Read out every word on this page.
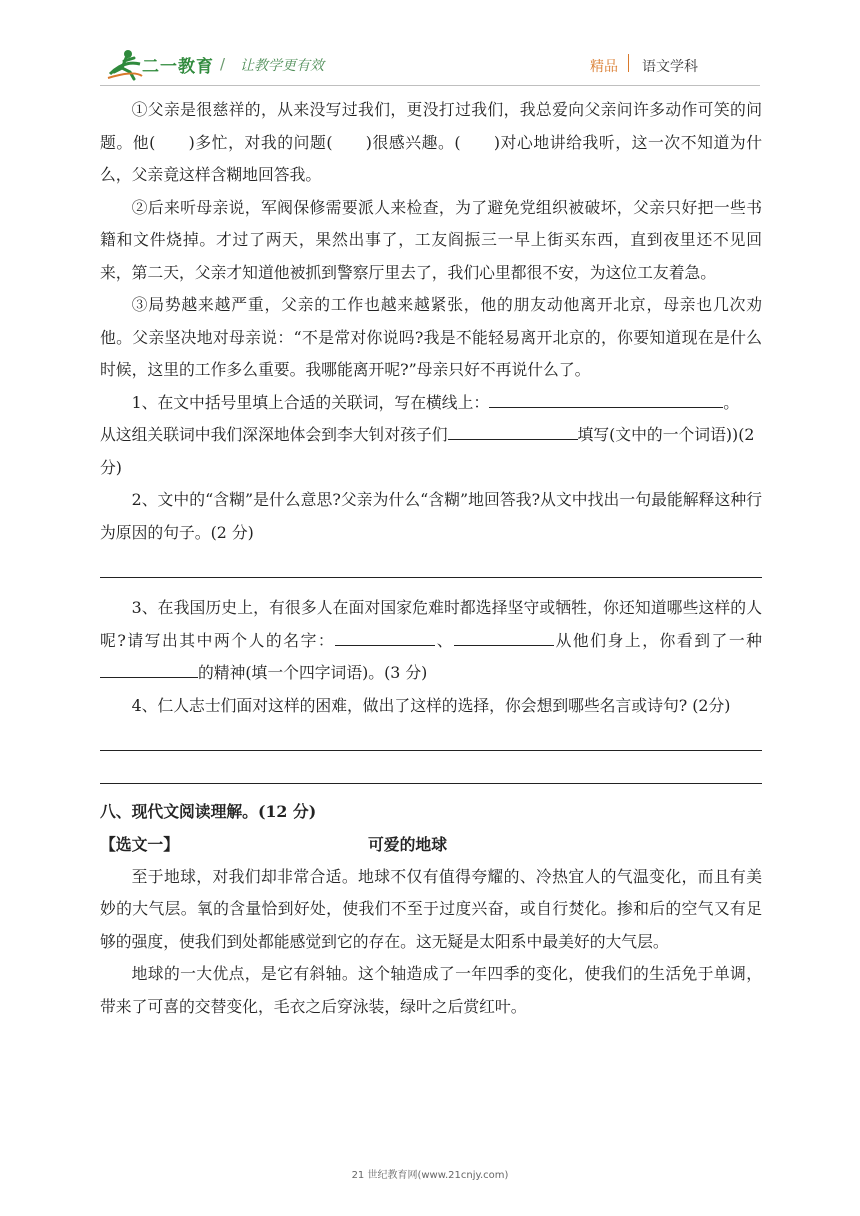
二一教育 / 让教学更有效	精品 语文学科

①父亲是很慈祥的，从来没写过我们，更没打过我们，我总爱向父亲问许多动作可笑的问题。他(　　)多忙，对我的问题(　　)很感兴趣。(　　)对心地讲给我听，这一次不知道为什么，父亲竟这样含糊地回答我。

②后来听母亲说，军阀保修需要派人来检查，为了避免党组织被破坏，父亲只好把一些书籍和文件烧掉。才过了两天，果然出事了，工友阎振三一早上街买东西，直到夜里还不见回来，第二天，父亲才知道他被抓到警察厅里去了，我们心里都很不安，为这位工友着急。

③局势越来越严重，父亲的工作也越来越紧张，他的朋友动他离开北京，母亲也几次劝他。父亲坚决地对母亲说：“不是常对你说吗?我是不能轻易离开北京的，你要知道现在是什么时候，这里的工作多么重要。我哪能离开呢?”母亲只好不再说什么了。

1、在文中括号里填上合适的关联词，写在横线上：	。

从这组关联词中我们深深地体会到李大钊对孩子们	填写(文中的一个词语))(2 分)

2、文中的“含糊”是什么意思?父亲为什么“含糊”地回答我?从文中找出一句最能解释这种行为原因的句子。(2 分)

3、在我国历史上，有很多人在面对国家危难时都选择坚守或牺牲，你还知道哪些这样的人呢?请写出其中两个人的名字：	、	从他们身上，你看到了一种的精神(填一个四字词语)。(3 分)

4、仁人志士们面对这样的困难，做出了这样的选择，你会想到哪些名言或诗句? (2分)

八、现代文阅读理解。(12 分)

【选文一】	可爱的地球

至于地球，对我们却非常合适。地球不仅有值得夸耀的、冷热宜人的气温变化，而且有美妙的大气层。氧的含量恰到好处，使我们不至于过度兴奋，或自行焚化。掺和后的空气又有足够的强度，使我们到处都能感觉到它的存在。这无疑是太阳系中最美好的大气层。

地球的一大优点，是它有斜轴。这个轴造成了一年四季的变化，使我们的生活免于单调，带来了可喜的交替变化，毛衣之后穿泳装，绿叶之后赏红叶。

21 世纪教育网(www.21cnjy.com)
